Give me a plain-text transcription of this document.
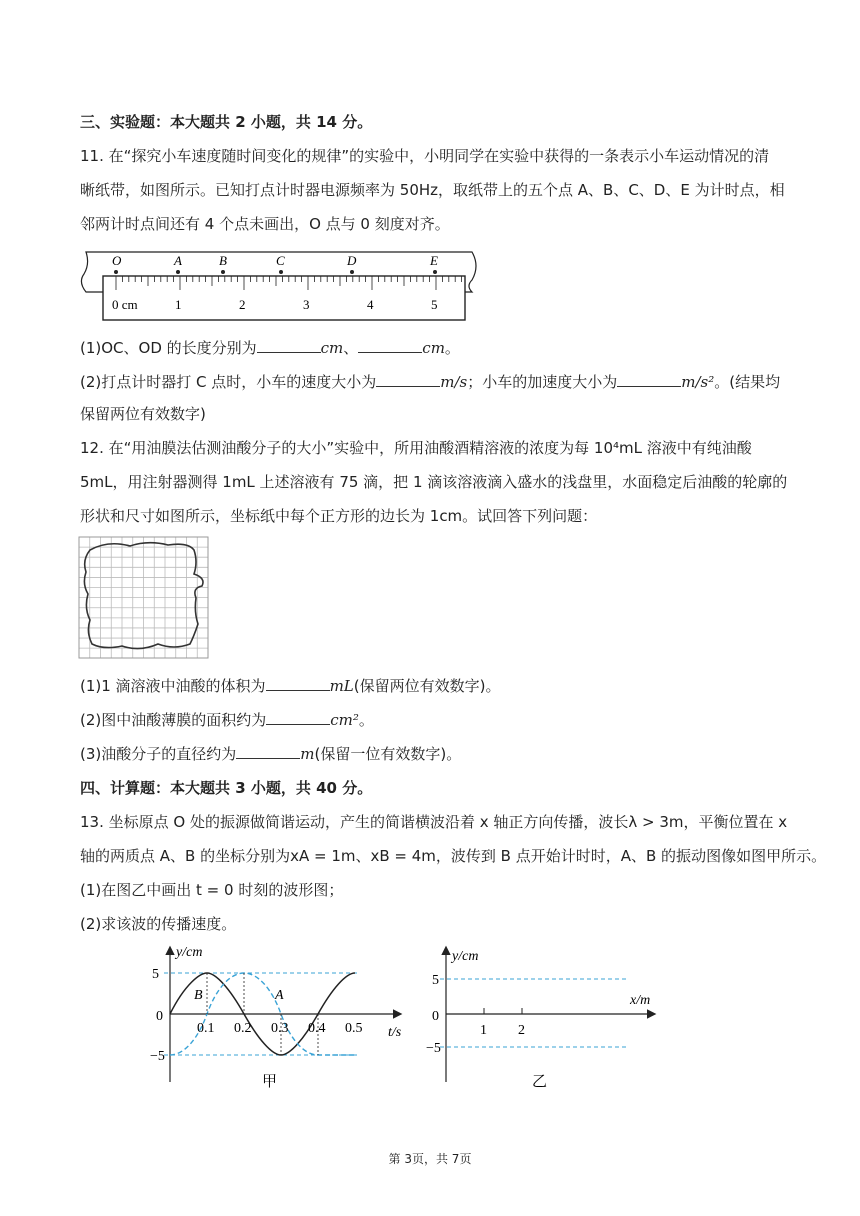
三、实验题：本大题共 2 小题，共 14 分。
11. 在“探究小车速度随时间变化的规律”的实验中，小明同学在实验中获得的一条表示小车运动情况的清
晰纸带，如图所示。已知打点计时器电源频率为 50Hz，取纸带上的五个点 A、B、C、D、E 为计时点，相
邻两计时点间还有 4 个点未画出，O 点与 0 刻度对齐。
O	A	B	C	D	E
0 cm	1	2	3	4	5
(1)OC、OD 的长度分别为	cm、	cm。
(2)打点计时器打 C 点时，小车的速度大小为	m/s；小车的加速度大小为	m/s²。(结果均
保留两位有效数字)
12. 在“用油膜法估测油酸分子的大小”实验中，所用油酸酒精溶液的浓度为每 10⁴mL 溶液中有纯油酸
5mL，用注射器测得 1mL 上述溶液有 75 滴，把 1 滴该溶液滴入盛水的浅盘里，水面稳定后油酸的轮廓的
形状和尺寸如图所示，坐标纸中每个正方形的边长为 1cm。试回答下列问题：
(1)1 滴溶液中油酸的体积为	mL(保留两位有效数字)。
(2)图中油酸薄膜的面积约为	cm²。
(3)油酸分子的直径约为	m(保留一位有效数字)。
四、计算题：本大题共 3 小题，共 40 分。
13. 坐标原点 O 处的振源做简谐运动，产生的简谐横波沿着 x 轴正方向传播，波长λ > 3m，平衡位置在 x
轴的两质点 A、B 的坐标分别为xA = 1m、xB = 4m，波传到 B 点开始计时时，A、B 的振动图像如图甲所示。
(1)在图乙中画出 t = 0 时刻的波形图；
(2)求该波的传播速度。
y/cm
t/s
5
0
−5
0.1 0.2 0.3 0.4 0.5
B	A
甲
y/cm
x/m
5
0
−5
1 2
乙
第 3页，共 7页
